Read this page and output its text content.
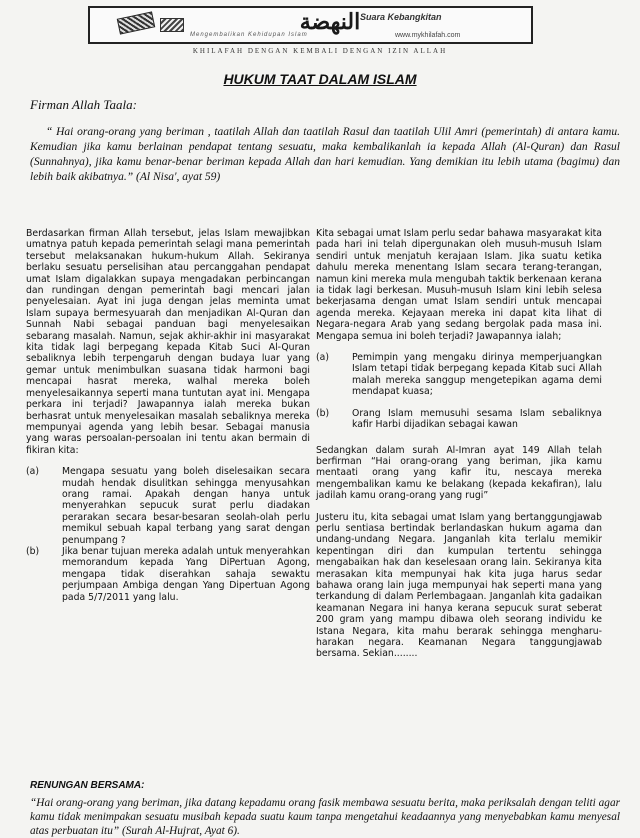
النهضة Suara Kebangkitan
Mengembalikan Kehidupan Islam	www.mykhilafah.com
KHILAFAH DENGAN KEMBALI DENGAN IZIN ALLAH
HUKUM TAAT DALAM ISLAM
Firman Allah Taala:

“ Hai orang-orang yang beriman , taatilah Allah dan taatilah Rasul dan taatilah Ulil Amri (pemerintah) di antara kamu. Kemudian jika kamu berlainan pendapat tentang sesuatu, maka kembalikanlah ia kepada Allah (Al-Quran) dan Rasul (Sunnahnya), jika kamu benar-benar beriman kepada Allah dan hari kemudian. Yang demikian itu lebih utama (bagimu) dan lebih baik akibatnya.” (Al Nisa', ayat 59)

Berdasarkan firman Allah tersebut, jelas Islam mewajibkan umatnya patuh kepada pemerintah selagi mana pemerintah tersebut melaksanakan hukum-hukum Allah. Sekiranya berlaku sesuatu perselisihan atau percanggahan pendapat umat Islam digalakkan supaya mengadakan perbincangan dan rundingan dengan pemerintah bagi mencari jalan penyelesaian. Ayat ini juga dengan jelas meminta umat Islam supaya bermesyuarah dan menjadikan Al-Quran dan Sunnah Nabi sebagai panduan bagi menyelesaikan sebarang masalah. Namun, sejak akhir-akhir ini masyarakat kita tidak lagi berpegang kepada Kitab Suci Al-Quran sebaliknya lebih terpengaruh dengan budaya luar yang gemar untuk menimbulkan suasana tidak harmoni bagi mencapai hasrat mereka, walhal mereka boleh menyelesaikannya seperti mana tuntutan ayat ini. Mengapa perkara ini terjadi? Jawapannya ialah mereka bukan berhasrat untuk menyelesaikan masalah sebaliknya mereka mempunyai agenda yang lebih besar. Sebagai manusia yang waras persoalan-persoalan ini tentu akan bermain di fikiran kita:

(a)	Mengapa sesuatu yang boleh diselesaikan secara mudah hendak disulitkan sehingga menyusahkan orang ramai. Apakah dengan hanya untuk menyerahkan sepucuk surat perlu diadakan perarakan secara besar-besaran seolah-olah perlu memikul sebuah kapal terbang yang sarat dengan penumpang ?
(b)	Jika benar tujuan mereka adalah untuk menyerahkan memorandum kepada Yang DiPertuan Agong, mengapa tidak diserahkan sahaja sewaktu perjumpaan Ambiga dengan Yang Dipertuan Agong pada 5/7/2011 yang lalu.

Kita sebagai umat Islam perlu sedar bahawa masyarakat kita pada hari ini telah dipergunakan oleh musuh-musuh Islam sendiri untuk menjatuh kerajaan Islam. Jika suatu ketika dahulu mereka menentang Islam secara terang-terangan, namun kini mereka mula mengubah taktik berkenaan kerana ia tidak lagi berkesan. Musuh-musuh Islam kini lebih selesa bekerjasama dengan umat Islam sendiri untuk mencapai agenda mereka. Kejayaan mereka ini dapat kita lihat di Negara-negara Arab yang sedang bergolak pada masa ini. Mengapa semua ini boleh terjadi? Jawapannya ialah;

(a)	Pemimpin yang mengaku dirinya memperjuangkan Islam tetapi tidak berpegang kepada Kitab suci Allah malah mereka sanggup mengetepikan agama demi mendapat kuasa;
(b)	Orang Islam memusuhi sesama Islam sebaliknya kafir Harbi dijadikan sebagai kawan

Sedangkan dalam surah Al-Imran ayat 149 Allah telah berfirman “Hai orang-orang yang beriman, jika kamu mentaati orang yang kafir itu, nescaya mereka mengembalikan kamu ke belakang (kepada kekafiran), lalu jadilah kamu orang-orang yang rugi”

Justeru itu, kita sebagai umat Islam yang bertanggungjawab perlu sentiasa bertindak berlandaskan hukum agama dan undang-undang Negara. Janganlah kita terlalu memikir kepentingan diri dan kumpulan tertentu sehingga mengabaikan hak dan keselesaan orang lain. Sekiranya kita merasakan kita mempunyai hak kita juga harus sedar bahawa orang lain juga mempunyai hak seperti mana yang terkandung di dalam Perlembagaan. Janganlah kita gadaikan keamanan Negara ini hanya kerana sepucuk surat seberat 200 gram yang mampu dibawa oleh seorang individu ke Istana Negara, kita mahu berarak sehingga mengharu-harakan negara. Keamanan Negara tanggungjawab bersama. Sekian........

RENUNGAN BERSAMA:

“Hai orang-orang yang beriman, jika datang kepadamu orang fasik membawa sesuatu berita, maka periksalah dengan teliti agar kamu tidak menimpakan sesuatu musibah kepada suatu kaum tanpa mengetahui keadaannya yang menyebabkan kamu menyesal atas perbuatan itu” (Surah Al-Hujrat, Ayat 6).
